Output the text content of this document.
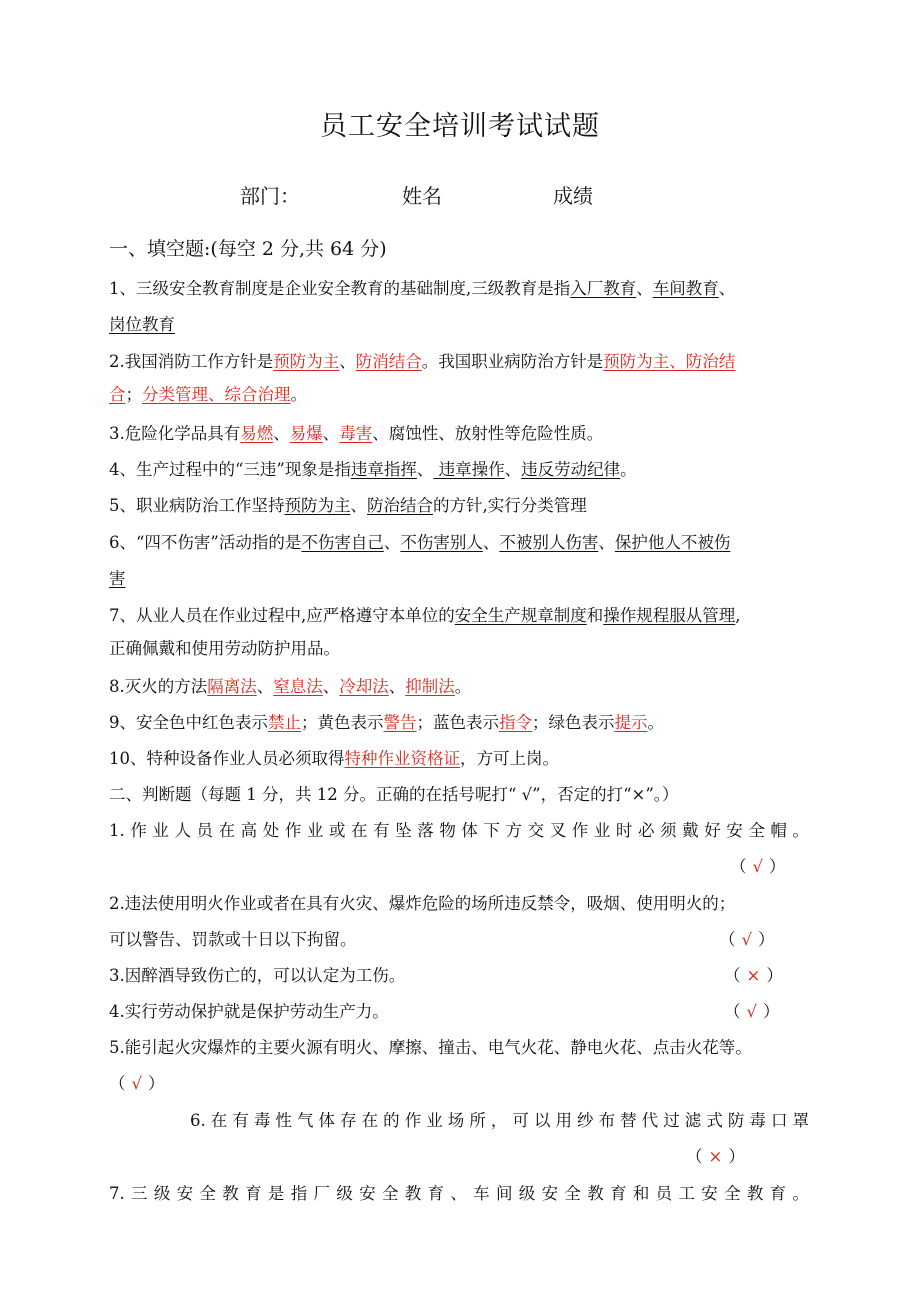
员工安全培训考试试题
部门：	姓名	成绩
一、填空题:(每空 2 分,共 64 分)
1、三级安全教育制度是企业安全教育的基础制度,三级教育是指入厂教育、车间教育、
岗位教育
2.我国消防工作方针是预防为主、防消结合。我国职业病防治方针是预防为主、防治结
合；分类管理、综合治理。
3.危险化学品具有易燃、易爆、毒害、腐蚀性、放射性等危险性质。
4、生产过程中的“三违”现象是指违章指挥、 违章操作、违反劳动纪律。
5、职业病防治工作坚持预防为主、防治结合的方针,实行分类管理
6、“四不伤害”活动指的是不伤害自己、不伤害别人、不被别人伤害、保护他人不被伤
害
7、从业人员在作业过程中,应严格遵守本单位的安全生产规章制度和操作规程服从管理,
正确佩戴和使用劳动防护用品。
8.灭火的方法隔离法、窒息法、冷却法、抑制法。
9、安全色中红色表示禁止；黄色表示警告；蓝色表示指令；绿色表示提示。
10、特种设备作业人员必须取得特种作业资格证，方可上岗。
二、判断题（每题 1 分，共 12 分。正确的在括号呢打“ √”，否定的打“×”。）
1.作业人员在高处作业或在有坠落物体下方交叉作业时必须戴好安全帽。
（ √ ）
2.违法使用明火作业或者在具有火灾、爆炸危险的场所违反禁令，吸烟、使用明火的；
可以警告、罚款或十日以下拘留。	（ √ ）
3.因醉酒导致伤亡的，可以认定为工伤。	（ × ）
4.实行劳动保护就是保护劳动生产力。	（ √ ）
5.能引起火灾爆炸的主要火源有明火、摩擦、撞击、电气火花、静电火花、点击火花等。
（ √ ）
6.在有毒性气体存在的作业场所，可以用纱布替代过滤式防毒口罩
（ × ）
7.三级安全教育是指厂级安全教育、车间级安全教育和员工安全教育。
